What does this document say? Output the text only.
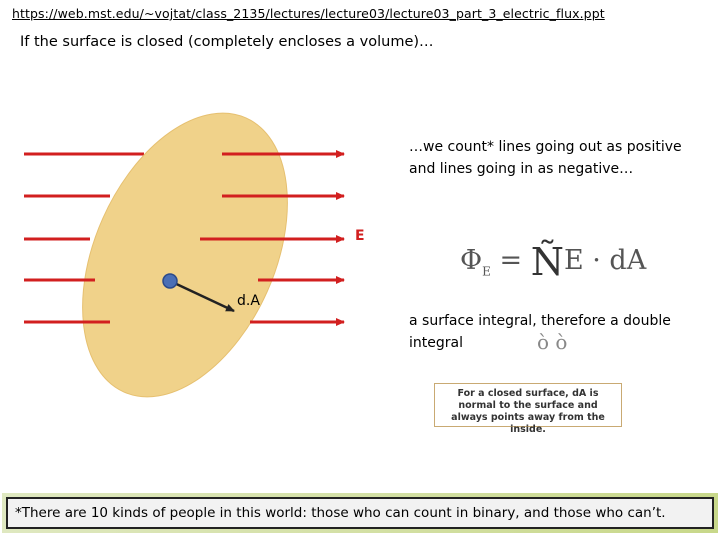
https://web.mst.edu/~vojtat/class_2135/lectures/lecture03/lecture03_part_3_electric_flux.ppt
If the surface is closed (completely encloses a volume)…
…we count* lines going out as positive and lines going in as negative…
E
d.A
$\Phi_E$ = ÑE · dA
a surface integral, therefore a double integral	ò ò
For a closed surface, dA is normal to the surface and always points away from the inside.
*There are 10 kinds of people in this world: those who can count in binary, and those who can’t.
